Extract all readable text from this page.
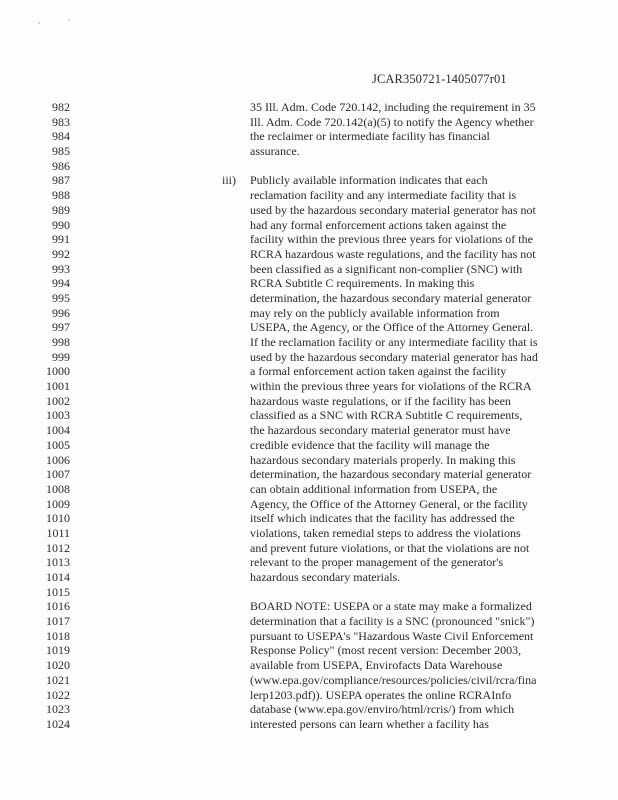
JCAR350721-1405077r01
982	35 Ill. Adm. Code 720.142, including the requirement in 35
983	Ill. Adm. Code 720.142(a)(5) to notify the Agency whether
984	the reclaimer or intermediate facility has financial
985	assurance.
986
987	iii) Publicly available information indicates that each
988	reclamation facility and any intermediate facility that is
989	used by the hazardous secondary material generator has not
990	had any formal enforcement actions taken against the
991	facility within the previous three years for violations of the
992	RCRA hazardous waste regulations, and the facility has not
993	been classified as a significant non-complier (SNC) with
994	RCRA Subtitle C requirements. In making this
995	determination, the hazardous secondary material generator
996	may rely on the publicly available information from
997	USEPA, the Agency, or the Office of the Attorney General.
998	If the reclamation facility or any intermediate facility that is
999	used by the hazardous secondary material generator has had
1000	a formal enforcement action taken against the facility
1001	within the previous three years for violations of the RCRA
1002	hazardous waste regulations, or if the facility has been
1003	classified as a SNC with RCRA Subtitle C requirements,
1004	the hazardous secondary material generator must have
1005	credible evidence that the facility will manage the
1006	hazardous secondary materials properly. In making this
1007	determination, the hazardous secondary material generator
1008	can obtain additional information from USEPA, the
1009	Agency, the Office of the Attorney General, or the facility
1010	itself which indicates that the facility has addressed the
1011	violations, taken remedial steps to address the violations
1012	and prevent future violations, or that the violations are not
1013	relevant to the proper management of the generator's
1014	hazardous secondary materials.
1015
1016	BOARD NOTE: USEPA or a state may make a formalized
1017	determination that a facility is a SNC (pronounced "snick")
1018	pursuant to USEPA's "Hazardous Waste Civil Enforcement
1019	Response Policy" (most recent version: December 2003,
1020	available from USEPA, Envirofacts Data Warehouse
1021	(www.epa.gov/compliance/resources/policies/civil/rcra/fina
1022	lerp1203.pdf)). USEPA operates the online RCRAInfo
1023	database (www.epa.gov/enviro/html/rcris/) from which
1024	interested persons can learn whether a facility has
